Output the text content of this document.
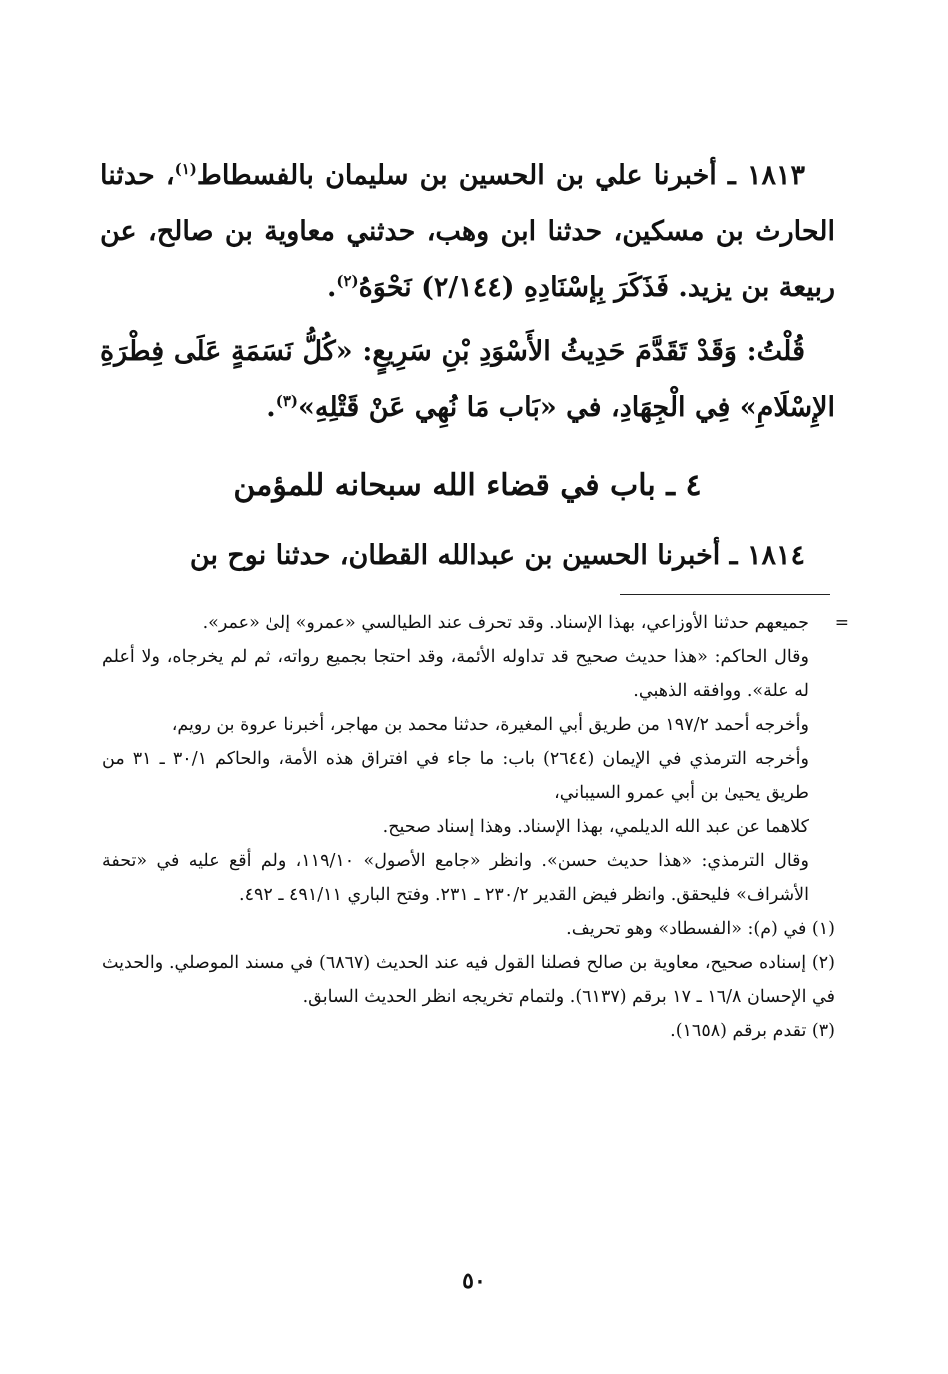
١٨١٣ ـ أخبرنا علي بن الحسين بن سليمان بالفسطاط$^{(١)}$، حدثنا الحارث بن مسكين، حدثنا ابن وهب، حدثني معاوية بن صالح، عن ربيعة بن يزيد. فَذَكَرَ بِإسْنَادِهِ (٢/١٤٤) نَحْوَهُ$^{(٢)}$.

قُلْتُ: وَقَدْ تَقَدَّمَ حَدِيثُ الأَسْوَدِ بْنِ سَرِيعٍ: «كُلُّ نَسَمَةٍ عَلَى فِطْرَةِ الإِسْلَامِ» فِي الْجِهَادِ، في «بَاب مَا نُهِي عَنْ قَتْلِهِ»$^{(٣)}$.

٤ ـ باب في قضاء الله سبحانه للمؤمن

١٨١٤ ـ أخبرنا الحسين بن عبدالله القطان، حدثنا نوح بن

=
جميعهم حدثنا الأوزاعي، بهذا الإسناد. وقد تحرف عند الطيالسي «عمرو» إلىٰ «عمر».

وقال الحاكم: «هذا حديث صحيح قد تداوله الأئمة، وقد احتجا بجميع رواته، ثم لم يخرجاه، ولا أعلم له علة». ووافقه الذهبي.

وأخرجه أحمد ١٩٧/٢ من طريق أبي المغيرة، حدثنا محمد بن مهاجر، أخبرنا عروة بن رويم،

وأخرجه الترمذي في الإيمان (٢٦٤٤) باب: ما جاء في افتراق هذه الأمة، والحاكم ٣٠/١ ـ ٣١ من طريق يحيىٰ بن أبي عمرو السيباني،

كلاهما عن عبد الله الديلمي، بهذا الإسناد. وهذا إسناد صحيح.

وقال الترمذي: «هذا حديث حسن». وانظر «جامع الأصول» ١١٩/١٠، ولم أقع عليه في «تحفة الأشراف» فليحقق. وانظر فيض القدير ٢٣٠/٢ ـ ٢٣١. وفتح الباري ٤٩١/١١ ـ ٤٩٢.

(١) في (م): «الفسطاد» وهو تحريف.

(٢) إسناده صحيح، معاوية بن صالح فصلنا القول فيه عند الحديث (٦٨٦٧) في مسند الموصلي. والحديث في الإحسان ١٦/٨ ـ ١٧ برقم (٦١٣٧). ولتمام تخريجه انظر الحديث السابق.

(٣) تقدم برقم (١٦٥٨).

٥٠
